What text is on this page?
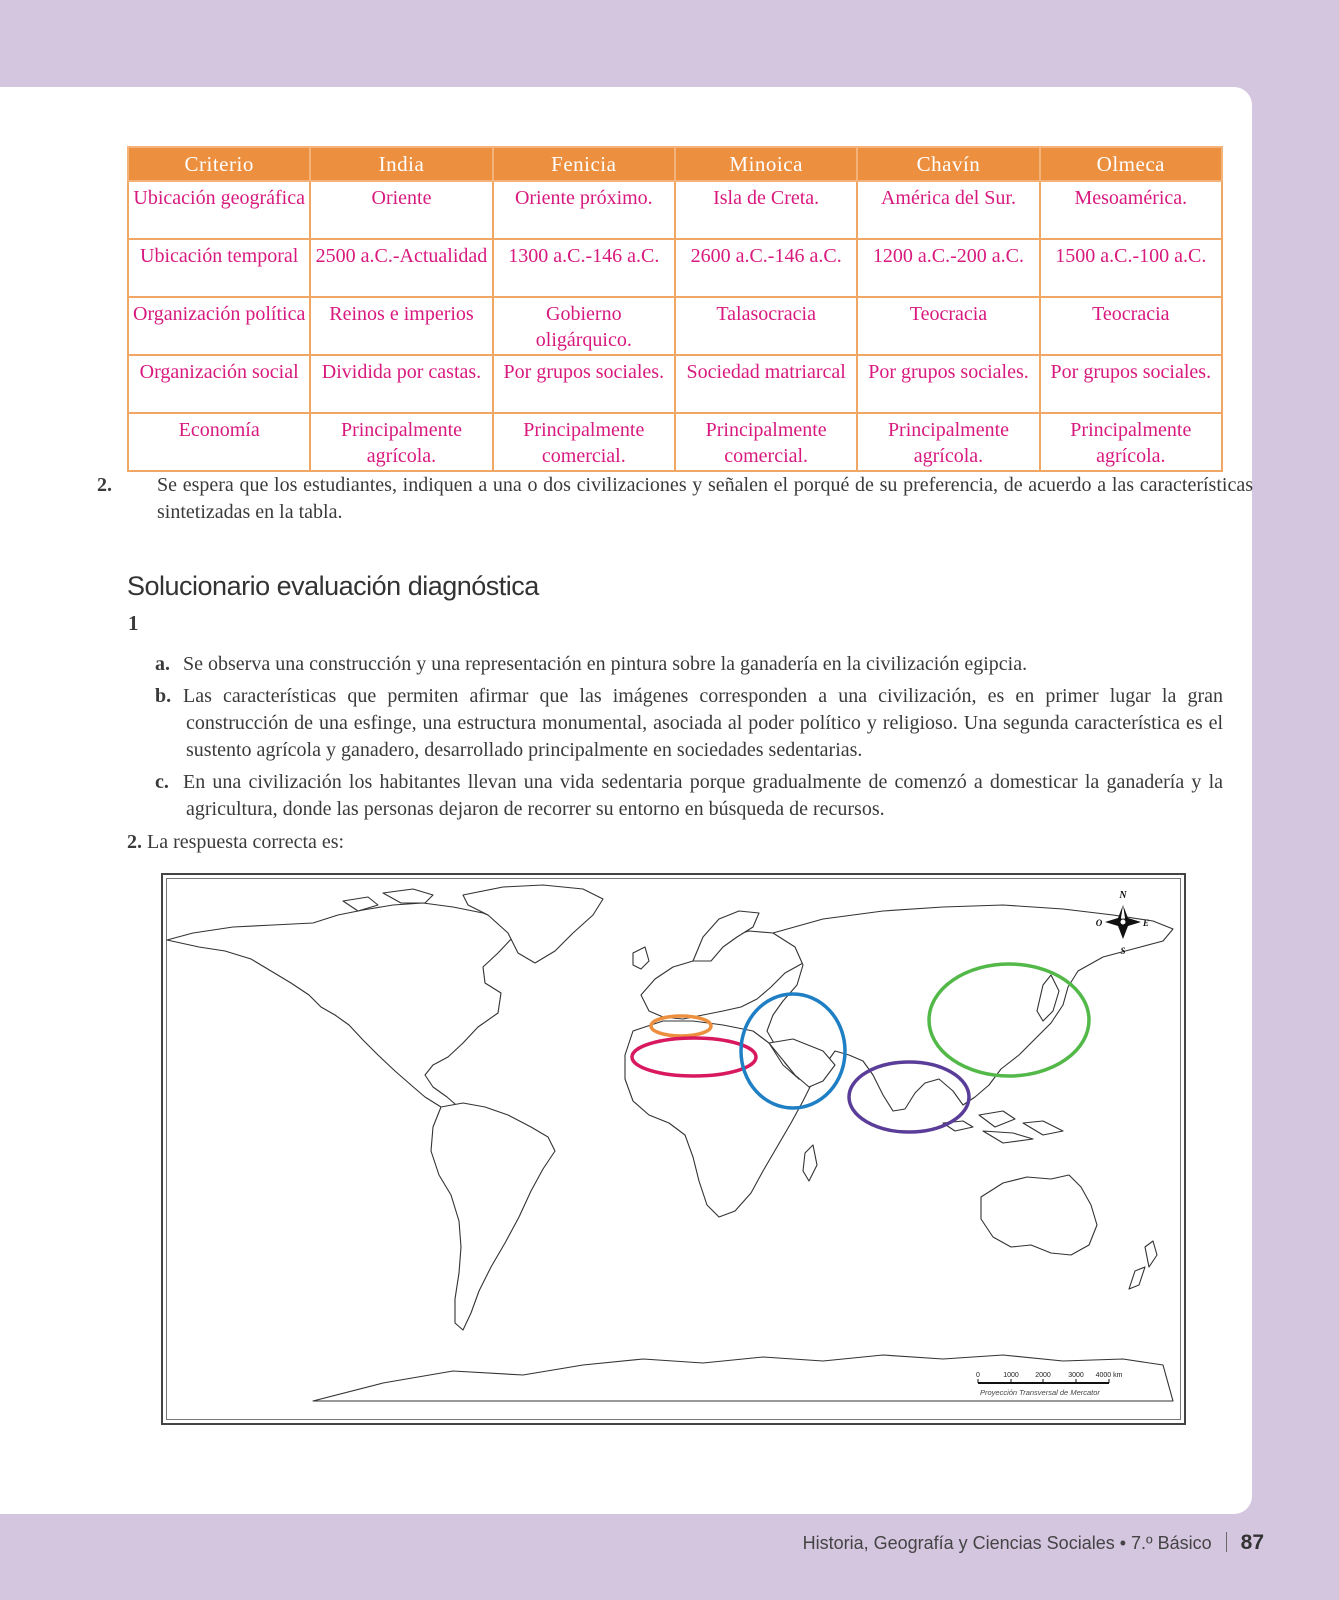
Criterio	India	Fenicia	Minoica	Chavín	Olmeca
Ubicación geográfica	Oriente	Oriente próximo.	Isla de Creta.	América del Sur.	Mesoamérica.
Ubicación temporal	2500 a.C.-Actualidad	1300 a.C.-146 a.C.	2600 a.C.-146 a.C.	1200 a.C.-200 a.C.	1500 a.C.-100 a.C.
Organización política	Reinos e imperios	Gobierno oligárquico.	Talasocracia	Teocracia	Teocracia
Organización social	Dividida por castas.	Por grupos sociales.	Sociedad matriarcal	Por grupos sociales.	Por grupos sociales.
Economía	Principalmente agrícola.	Principalmente comercial.	Principalmente comercial.	Principalmente agrícola.	Principalmente agrícola.
2. Se espera que los estudiantes, indiquen a una o dos civilizaciones y señalen el porqué de su preferencia, de acuerdo a las características sintetizadas en la tabla.
Solucionario evaluación diagnóstica
1
a. Se observa una construcción y una representación en pintura sobre la ganadería en la civilización egipcia.
b. Las características que permiten afirmar que las imágenes corresponden a una civilización, es en primer lugar la gran construcción de una esfinge, una estructura monumental, asociada al poder político y religioso. Una segunda característica es el sustento agrícola y ganadero, desarrollado principalmente en sociedades sedentarias.
c. En una civilización los habitantes llevan una vida sedentaria porque gradualmente de comenzó a domesticar la ganadería y la agricultura, donde las personas dejaron de recorrer su entorno en búsqueda de recursos.
2. La respuesta correcta es:
N
S
O	E
0	1000 2000 3000 4000 km
Proyección Transversal de Mercator
Historia, Geografía y Ciencias Sociales • 7.º Básico 87
